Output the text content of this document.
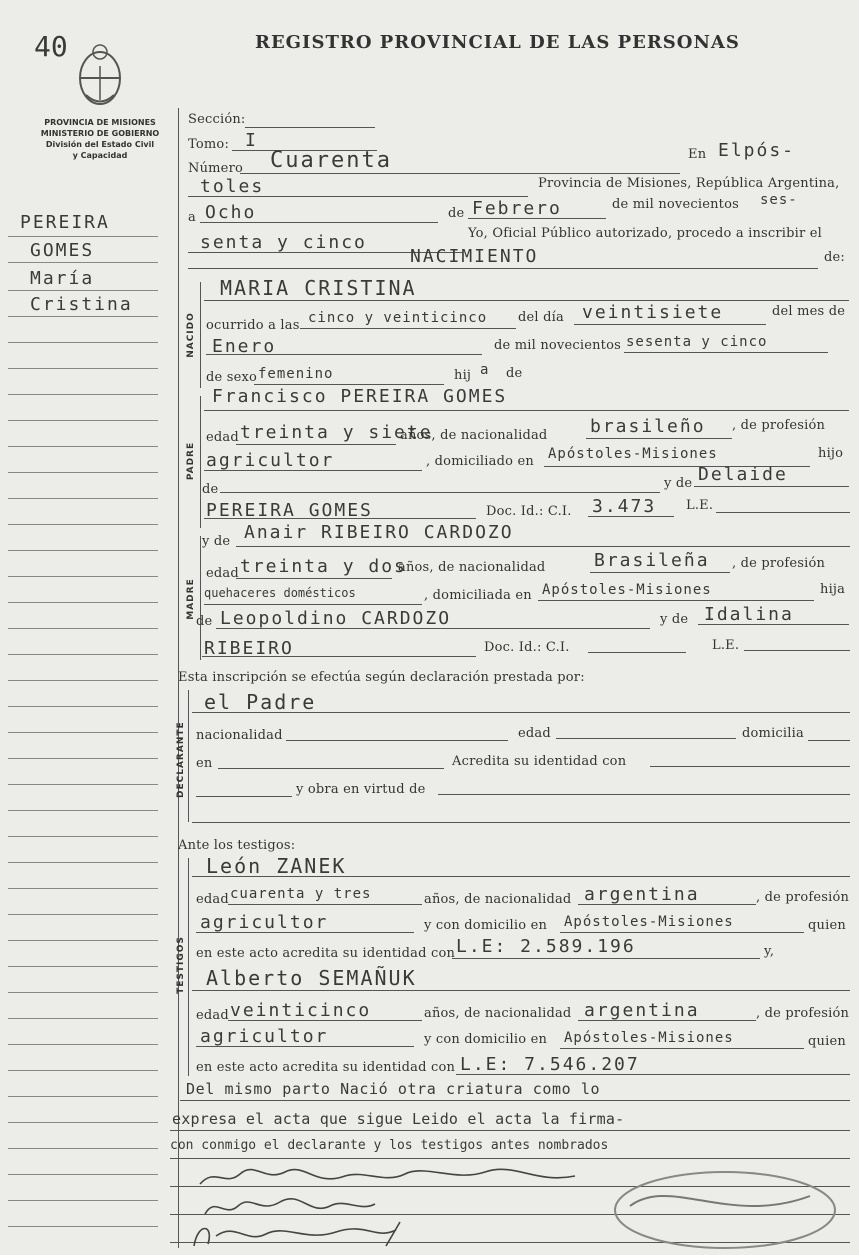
40	REGISTRO PROVINCIAL DE LAS PERSONAS
PROVINCIA DE MISIONES
MINISTERIO DE GOBIERNO
División del Estado Civil
y Capacidad
PEREIRA
GOMES
María
Cristina
Sección:
Tomo: I
Número Cuarenta	En Elpós-
toles	Provincia de Misiones, República Argentina,
a Ocho	de Febrero	de mil novecientos ses-
senta y cinco	Yo, Oficial Público autorizado, procedo a inscribir el
NACIMIENTO	de:
NACIDO
MARIA CRISTINA
ocurrido a las cinco y veinticinco del día veintisiete	del mes de
Enero	de mil novecientos sesenta y cinco
de sexo femenino	hij a de
PADRE
Francisco PEREIRA GOMES
edad treinta y siete
años, de nacionalidad brasileño , de profesión
agricultor	, domiciliado en Apóstoles-Misiones	hijo
de	y de Delaide
PEREIRA GOMES	Doc. Id.: C.I. 3.473 L.E.
MADRE
y de Anair RIBEIRO CARDOZO
edad treinta y dos
años, de nacionalidad	Brasileña , de profesión
quehaceres domésticos	, domiciliada en Apóstoles-Misiones	hija
de Leopoldino CARDOZO	y de Idalina
RIBEIRO	Doc. Id.: C.I.	L.E.
Esta inscripción se efectúa según declaración prestada por:
DECLARANTE
el Padre
nacionalidad	edad	domicilia
en	Acredita su identidad con
y obra en virtud de
Ante los testigos:
TESTIGOS
León ZANEK
edad cuarenta y tres	años, de nacionalidad argentina	, de profesión
agricultor	y con domicilio en Apóstoles-Misiones	quien
en este acto acredita su identidad con L.E: 2.589.196	y,
Alberto SEMAÑUK
edad veinticinco	años, de nacionalidad argentina	, de profesión
agricultor	y con domicilio en Apóstoles-Misiones	quien
en este acto acredita su identidad con L.E: 7.546.207
Del mismo parto Nació otra criatura como lo
expresa el acta que sigue Leido el acta la firma-
con conmigo el declarante y los testigos antes nombrados
